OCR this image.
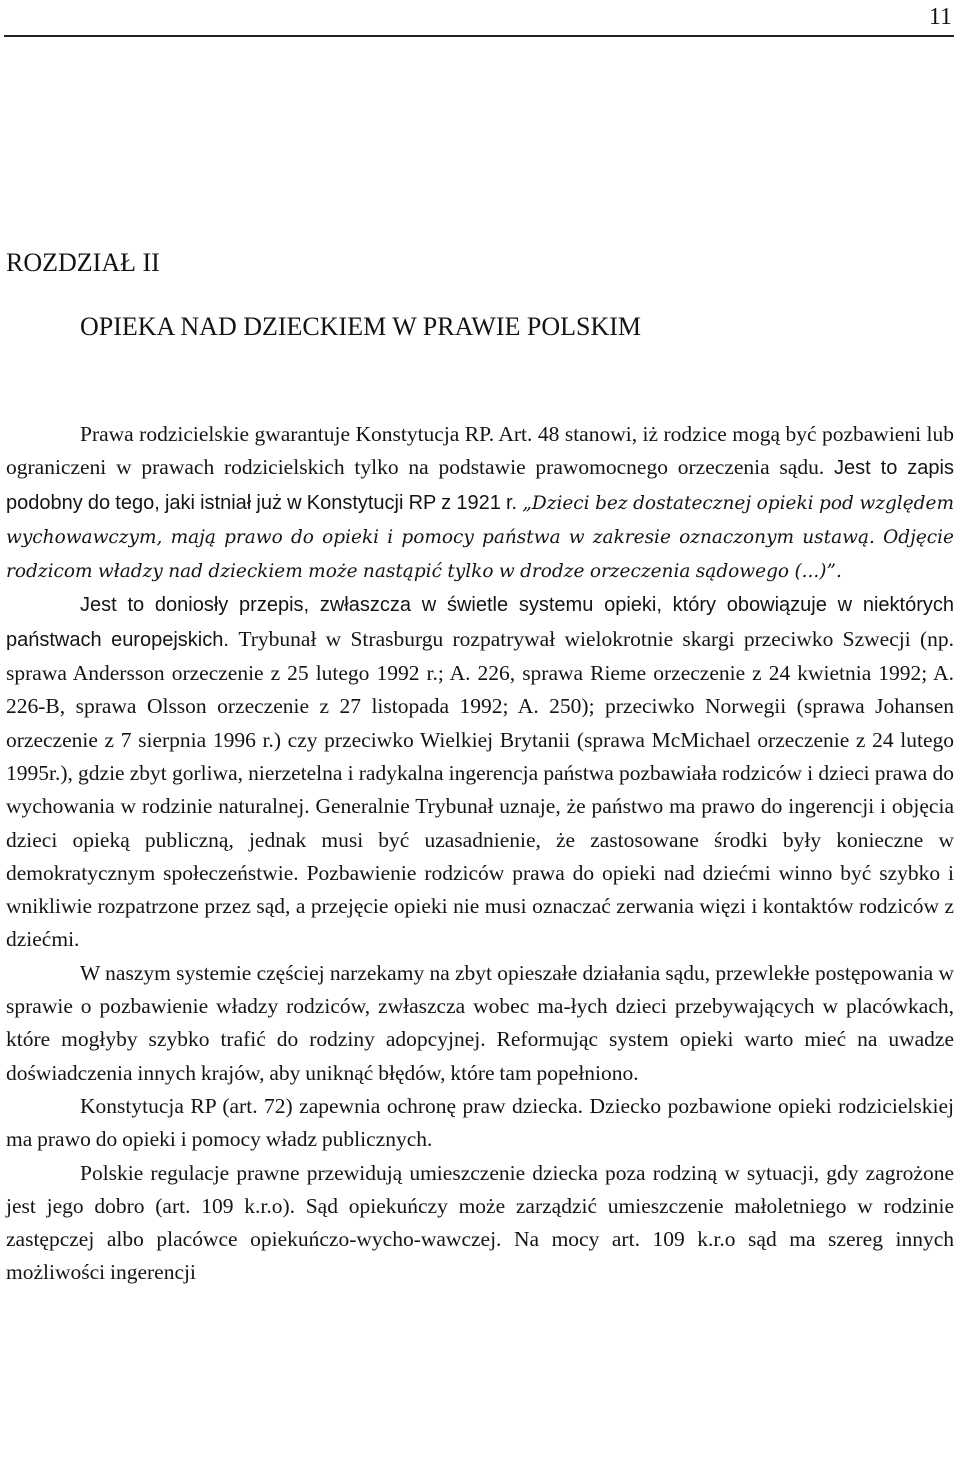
11
ROZDZIAŁ II
OPIEKA NAD DZIECKIEM W PRAWIE POLSKIM

Prawa rodzicielskie gwarantuje Konstytucja RP. Art. 48 stanowi, iż rodzice mogą być pozbawieni lub ograniczeni w prawach rodzicielskich tylko na podstawie prawomocnego orzeczenia sądu. Jest to zapis podobny do tego, jaki istniał już w Konstytucji RP z 1921 r. „Dzieci bez dostatecznej opieki pod względem wychowawczym, mają prawo do opieki i pomocy państwa w zakresie oznaczonym ustawą. Odjęcie rodzicom władzy nad dzieckiem może nastąpić tylko w drodze orzeczenia sądowego (...)”.

Jest to doniosły przepis, zwłaszcza w świetle systemu opieki, który obowiązuje w niektórych państwach europejskich. Trybunał w Strasburgu rozpatrywał wielokrotnie skargi przeciwko Szwecji (np. sprawa Andersson orzeczenie z 25 lutego 1992 r.; A. 226, sprawa Rieme orzeczenie z 24 kwietnia 1992; A. 226-B, sprawa Olsson orzeczenie z 27 listopada 1992; A. 250); przeciwko Norwegii (sprawa Johansen orzeczenie z 7 sierpnia 1996 r.) czy przeciwko Wielkiej Brytanii (sprawa McMichael orzeczenie z 24 lutego 1995r.), gdzie zbyt gorliwa, nierzetelna i radykalna ingerencja państwa pozbawiała rodziców i dzieci prawa do wychowania w rodzinie naturalnej. Generalnie Trybunał uznaje, że państwo ma prawo do ingerencji i objęcia dzieci opieką publiczną, jednak musi być uzasadnienie, że zastosowane środki były konieczne w demokratycznym społeczeństwie. Pozbawienie rodziców prawa do opieki nad dziećmi winno być szybko i wnikliwie rozpatrzone przez sąd, a przejęcie opieki nie musi oznaczać zerwania więzi i kontaktów rodziców z dziećmi.

W naszym systemie częściej narzekamy na zbyt opieszałe działania sądu, przewlekłe postępowania w sprawie o pozbawienie władzy rodziców, zwłaszcza wobec ma-łych dzieci przebywających w placówkach, które mogłyby szybko trafić do rodziny adopcyjnej. Reformując system opieki warto mieć na uwadze doświadczenia innych krajów, aby uniknąć błędów, które tam popełniono.

Konstytucja RP (art. 72) zapewnia ochronę praw dziecka. Dziecko pozbawione opieki rodzicielskiej ma prawo do opieki i pomocy władz publicznych.

Polskie regulacje prawne przewidują umieszczenie dziecka poza rodziną w sytuacji, gdy zagrożone jest jego dobro (art. 109 k.r.o). Sąd opiekuńczy może zarządzić umieszczenie małoletniego w rodzinie zastępczej albo placówce opiekuńczo-wycho-wawczej. Na mocy art. 109 k.r.o sąd ma szereg innych możliwości ingerencji
